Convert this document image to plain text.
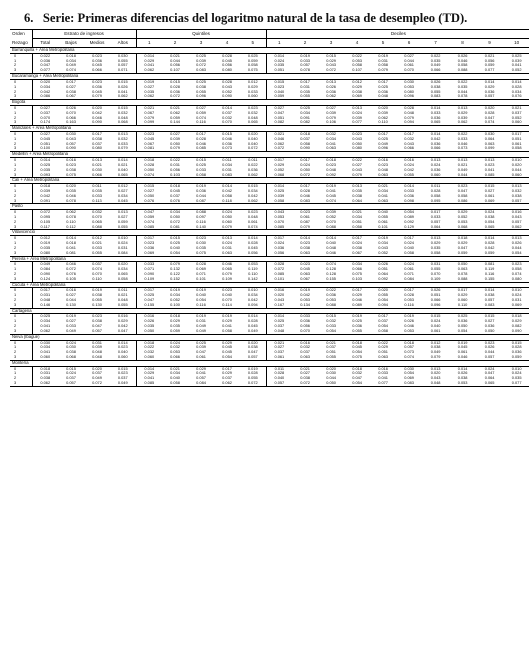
6. Serie: Primeras diferencias del logaritmo natural de la tasa de desempleo (TD).
Orden	Estrato de ingresos				Quintiles					Deciles									
Rezago	Total	Bajos	Medios	Altos	1	2	3	4	5	1	2	3	4	5	6	7	8	9	10
Barranquilla + Área Metropolitana																			
0	0.022	0.018	0.023	0.030	0.014	0.021	0.025	0.028	0.025	0.014	0.019	0.015	0.022	0.019	0.027	0.022	0.026	0.021	0.025
1	0.036	0.034	0.036	0.055	0.029	0.044	0.039	0.045	0.059	0.024	0.033	0.029	0.053	0.031	0.044	0.035	0.046	0.056	0.039
2	0.047	0.049	0.045	0.057	0.041	0.056	0.072	0.056	0.058	0.035	0.057	0.043	0.058	0.058	0.061	0.049	0.058	0.059	0.041
3	0.077	0.074	0.066	0.071	0.062	0.107	0.083	0.080	0.075	0.051	0.078	0.072	0.107	0.079	0.070	0.066	0.088	0.077	0.052
Bucaramanga + Área Metropolitana																			
0	0.020	0.017	0.023	0.015	0.019	0.015	0.025	0.028	0.012	0.015	0.017	0.013	0.012	0.017	0.030	0.026	0.022	0.014	0.014
1	0.034	0.027	0.036	0.026	0.027	0.028	0.038	0.043	0.029	0.023	0.031	0.026	0.029	0.025	0.053	0.038	0.035	0.029	0.028
2	0.042	0.038	0.045	0.041	0.035	0.036	0.055	0.052	0.033	0.040	0.035	0.036	0.038	0.036	0.080	0.055	0.044	0.036	0.034
3	0.086	0.067	0.079	0.062	0.062	0.072	0.096	0.090	0.060	0.059	0.055	0.062	0.069	0.048	0.096	0.083	0.078	0.057	0.076
Bogotá																			
0	0.027	0.026	0.020	0.015	0.021	0.021	0.027	0.014	0.023	0.027	0.025	0.027	0.013	0.020	0.028	0.014	0.013	0.020	0.021
1	0.037	0.070	0.042	0.032	0.067	0.062	0.059	0.037	0.032	0.047	0.034	0.039	0.024	0.039	0.048	0.033	0.029	0.028	0.037
2	0.070	0.066	0.046	0.048	0.079	0.059	0.074	0.032	0.048	0.051	0.091	0.079	0.039	0.062	0.079	0.036	0.039	0.047	0.052
3	0.174	0.163	0.090	0.068	0.099	0.144	0.116	0.070	0.065	0.082	0.082	0.106	0.077	0.110	0.094	0.065	0.062	0.074	0.060
Manizales + Área Metropolitana																			
0	0.027	0.030	0.017	0.013	0.023	0.027	0.017	0.015	0.020	0.021	0.018	0.032	0.023	0.017	0.017	0.014	0.022	0.030	0.017
1	0.045	0.043	0.038	0.032	0.045	0.039	0.028	0.046	0.040	0.046	0.037	0.034	0.043	0.025	0.032	0.042	0.033	0.064	0.051
2	0.051	0.057	0.037	0.033	0.067	0.050	0.046	0.036	0.040	0.062	0.058	0.041	0.050	0.049	0.043	0.036	0.046	0.063	0.061
3	0.100	0.090	0.080	0.079	0.081	0.079	0.085	0.073	0.072	0.072	0.090	0.063	0.080	0.096	0.066	0.066	0.073	0.099	0.058
Medellín + Área Metropolitana																			
0	0.014	0.016	0.013	0.014	0.018	0.022	0.015	0.011	0.011	0.017	0.017	0.018	0.022	0.016	0.016	0.013	0.013	0.013	0.010
1	0.025	0.023	0.021	0.021	0.028	0.031	0.025	0.034	0.022	0.029	0.024	0.023	0.027	0.023	0.024	0.024	0.021	0.023	0.020
2	0.035	0.038	0.030	0.040	0.050	0.056	0.033	0.031	0.036	0.052	0.050	0.048	0.043	0.048	0.042	0.036	0.049	0.041	0.044
3	0.093	0.075	0.066	0.065	0.074	0.103	0.058	0.083	0.062	0.068	0.072	0.092	0.079	0.063	0.055	0.060	0.044	0.085	0.060
Cali + Área Metropolitana																			
0	0.018	0.020	0.011	0.012	0.015	0.018	0.019	0.014	0.015	0.014	0.017	0.019	0.013	0.021	0.014	0.011	0.023	0.015	0.013
1	0.039	0.035	0.035	0.027	0.027	0.045	0.036	0.042	0.034	0.025	0.028	0.041	0.035	0.034	0.033	0.028	0.047	0.027	0.032
2	0.042	0.046	0.033	0.034	0.050	0.037	0.044	0.058	0.042	0.039	0.046	0.045	0.038	0.041	0.036	0.058	0.058	0.061	0.038
3	0.091	0.078	0.113	0.045	0.076	0.076	0.087	0.118	0.062	0.058	0.083	0.074	0.064	0.063	0.098	0.095	0.086	0.069	0.057
Pasto																			
0	0.072	0.062	0.032	0.013	0.047	0.034	0.088	0.024	0.023	0.043	0.023	0.039	0.021	0.040	0.054	0.017	0.029	0.024	0.016
1	0.095	0.078	0.070	0.027	0.059	0.050	0.097	0.050	0.048	0.053	0.061	0.052	0.034	0.055	0.089	0.033	0.052	0.038	0.043
2	0.105	0.110	0.065	0.059	0.074	0.072	0.116	0.060	0.061	0.070	0.087	0.070	0.051	0.061	0.092	0.057	0.053	0.054	0.057
3	0.117	0.112	0.088	0.055	0.085	0.081	0.140	0.079	0.074	0.085	0.079	0.088	0.058	0.101	0.129	0.064	0.068	0.065	0.062
Villavicencio																			
0	0.012	0.014	0.012	0.010	0.017	0.015	0.023	0.013	0.014	0.017	0.014	0.014	0.017	0.019	0.017	0.013	0.018	0.014	0.013
1	0.019	0.018	0.021	0.024	0.023	0.025	0.030	0.024	0.028	0.024	0.023	0.040	0.024	0.034	0.024	0.029	0.029	0.028	0.026
2	0.035	0.041	0.033	0.031	0.036	0.040	0.035	0.031	0.045	0.036	0.038	0.048	0.038	0.043	0.040	0.035	0.047	0.042	0.044
3	0.080	0.081	0.055	0.084	0.069	0.054	0.075	0.063	0.056	0.056	0.063	0.046	0.067	0.052	0.058	0.058	0.059	0.059	0.054
Pereira + Área Metropolitana																			
0	0.049	0.046	0.037	0.020	0.033	0.079	0.028	0.046	0.053	0.028	0.023	0.074	0.034	0.026	0.024	0.031	0.050	0.081	0.023
1	0.084	0.072	0.074	0.034	0.071	0.132	0.069	0.065	0.119	0.072	0.045	0.128	0.066	0.051	0.061	0.055	0.063	0.119	0.058
2	0.090	0.076	0.070	0.065	0.090	0.122	0.071	0.079	0.110	0.085	0.063	0.128	0.075	0.064	0.071	0.070	0.078	0.116	0.074
3	0.124	0.105	0.110	0.058	0.109	0.152	0.101	0.109	0.142	0.101	0.067	0.155	0.103	0.092	0.084	0.109	0.088	0.155	0.080
Cúcuta + Área Metropolitana																			
0	0.017	0.016	0.019	0.011	0.017	0.019	0.019	0.023	0.010	0.016	0.019	0.022	0.017	0.020	0.017	0.026	0.017	0.014	0.010
1	0.031	0.027	0.038	0.021	0.025	0.034	0.040	0.040	0.034	0.020	0.042	0.036	0.029	0.055	0.028	0.051	0.029	0.038	0.024
2	0.048	0.044	0.055	0.048	0.047	0.052	0.054	0.070	0.042	0.043	0.053	0.053	0.046	0.054	0.053	0.066	0.060	0.057	0.031
3	0.146	0.130	0.130	0.055	0.155	0.100	0.116	0.114	0.094	0.167	0.134	0.088	0.089	0.094	0.116	0.096	0.110	0.083	0.069
Cartagena																			
0	0.025	0.019	0.023	0.016	0.016	0.018	0.019	0.019	0.014	0.014	0.033	0.015	0.019	0.017	0.019	0.015	0.025	0.015	0.018
1	0.034	0.027	0.038	0.029	0.026	0.029	0.031	0.029	0.028	0.025	0.036	0.032	0.025	0.037	0.026	0.024	0.036	0.027	0.029
2	0.041	0.033	0.047	0.042	0.035	0.035	0.049	0.041	0.045	0.037	0.056	0.033	0.036	0.054	0.046	0.040	0.050	0.036	0.082
3	0.062	0.049	0.057	0.047	0.050	0.059	0.049	0.058	0.049	0.048	0.070	0.054	0.055	0.058	0.053	0.061	0.054	0.050	0.090
Neiva (Ibagué)																			
0	0.030	0.024	0.031	0.014	0.018	0.024	0.025	0.029	0.020	0.021	0.016	0.021	0.018	0.022	0.018	0.012	0.019	0.023	0.015
1	0.034	0.030	0.039	0.023	0.022	0.032	0.039	0.045	0.038	0.027	0.032	0.037	0.045	0.029	0.057	0.038	0.045	0.026	0.028
2	0.041	0.038	0.048	0.040	0.032	0.053	0.047	0.045	0.047	0.037	0.037	0.051	0.054	0.051	0.073	0.049	0.061	0.044	0.036
3	0.060	0.068	0.048	0.060	0.060	0.066	0.061	0.054	0.057	0.061	0.063	0.055	0.075	0.063	0.074	0.079	0.046	0.057	0.059
Montería																			
0	0.018	0.015	0.020	0.015	0.014	0.021	0.029	0.017	0.019	0.011	0.021	0.020	0.018	0.016	0.030	0.013	0.014	0.024	0.010
1	0.031	0.024	0.037	0.023	0.029	0.034	0.041	0.029	0.028	0.028	0.027	0.030	0.032	0.033	0.054	0.020	0.026	0.047	0.024
2	0.038	0.037	0.049	0.037	0.041	0.040	0.057	0.037	0.055	0.040	0.038	0.044	0.047	0.041	0.069	0.043	0.038	0.064	0.035
3	0.062	0.057	0.072	0.049	0.085	0.058	0.084	0.062	0.072	0.057	0.072	0.050	0.054	0.077	0.083	0.048	0.053	0.065	0.077
